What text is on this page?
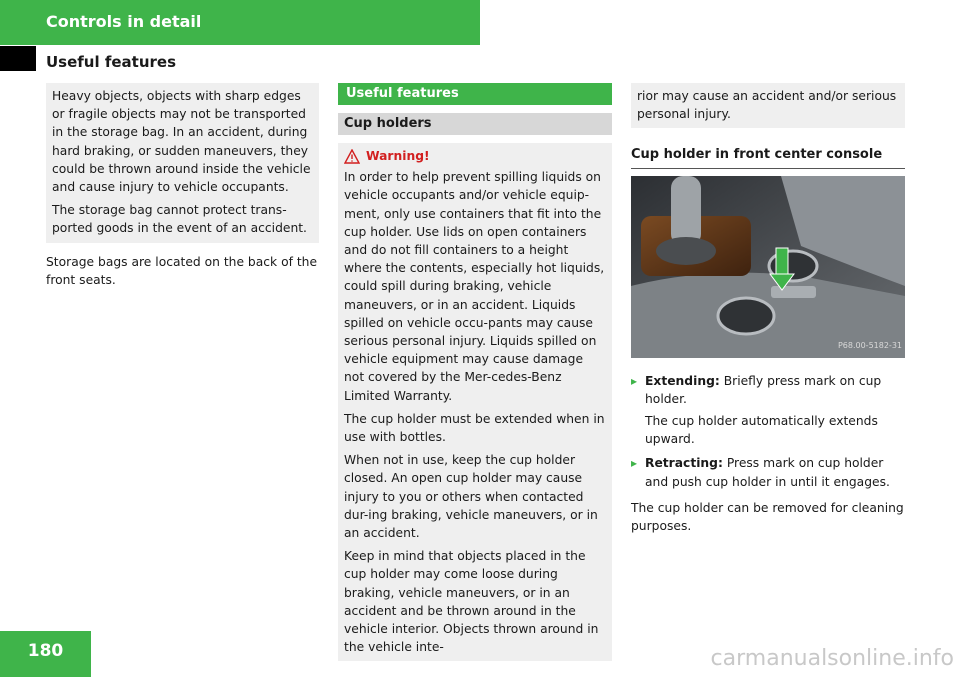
Controls in detail
Useful features

Heavy objects, objects with sharp edges or fragile objects may not be transported in the storage bag. In an accident, during hard braking, or sudden maneuvers, they could be thrown around inside the vehicle and cause injury to vehicle occupants.

The storage bag cannot protect trans-ported goods in the event of an accident.

Storage bags are located on the back of the front seats.

Useful features
Cup holders
Warning!

In order to help prevent spilling liquids on vehicle occupants and/or vehicle equip-ment, only use containers that fit into the cup holder. Use lids on open containers and do not fill containers to a height where the contents, especially hot liquids, could spill during braking, vehicle maneuvers, or in an accident. Liquids spilled on vehicle occu-pants may cause serious personal injury. Liquids spilled on vehicle equipment may cause damage not covered by the Mer-cedes-Benz Limited Warranty.

The cup holder must be extended when in use with bottles.

When not in use, keep the cup holder closed. An open cup holder may cause injury to you or others when contacted dur-ing braking, vehicle maneuvers, or in an accident.

Keep in mind that objects placed in the cup holder may come loose during braking, vehicle maneuvers, or in an accident and be thrown around in the vehicle interior. Objects thrown around in the vehicle inte-

rior may cause an accident and/or serious personal injury.

Cup holder in front center console
P68.00-5182-31
▸ Extending: Briefly press mark on cup holder.
The cup holder automatically extends upward.
▸ Retracting: Press mark on cup holder and push cup holder in until it engages.

The cup holder can be removed for cleaning purposes.

180	carmanualsonline.info
